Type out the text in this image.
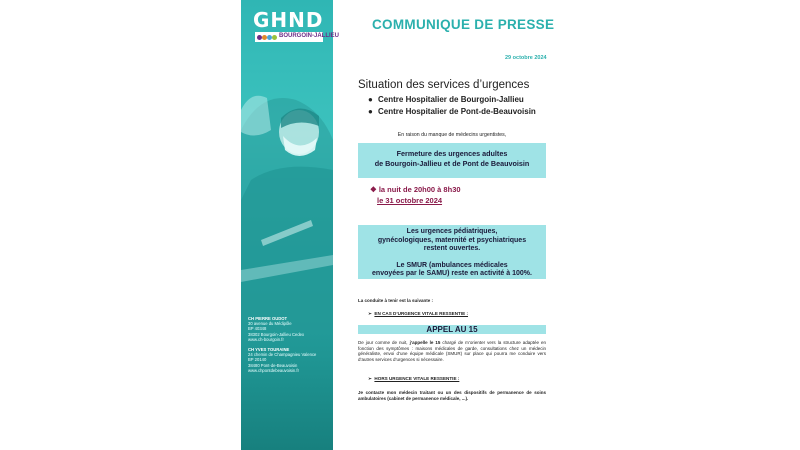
GHND
BOURGOIN-JALLIEU
CH PIERRE OUDOT
30 avenue du Médipôle
BP 40348
38302 Bourgoin-Jallieu Cedex
www.ch-bourgoin.fr
CH YVES TOURAINE
24 chemin de Champagnieu Valence
BP 20140
38480 Pont-de-Beauvoisin
www.chpontdebeauvoisin.fr
COMMUNIQUE DE PRESSE
29 octobre 2024
Situation des services d’urgences
● Centre Hospitalier de Bourgoin-Jallieu
● Centre Hospitalier de Pont-de-Beauvoisin
En raison du manque de médecins urgentistes,
Fermeture des urgences adultes
de Bourgoin-Jallieu et de Pont de Beauvoisin
❖ la nuit de 20h00 à 8h30
le 31 octobre 2024
Les urgences pédiatriques,
gynécologiques, maternité et psychiatriques
restent ouvertes.
Le SMUR (ambulances médicales
envoyées par le SAMU) reste en activité à 100%.
La conduite à tenir est la suivante :
➢ EN CAS D’URGENCE VITALE RESSENTIE :
APPEL AU 15
De jour comme de nuit, j’appelle le 15 chargé de m’orienter vers la structure adaptée en fonction des symptômes : maisons médicales de garde, consultations chez un médecin généraliste, envoi d’une équipe médicale (SMUR) sur place qui pourra me conduire vers d’autres services d’urgences si nécessaire.
➢ HORS URGENCE VITALE RESSENTIE :
Je contacte mon médecin traitant ou un des dispositifs de permanence de soins ambulatoires (cabinet de permanence médicale, ...).
